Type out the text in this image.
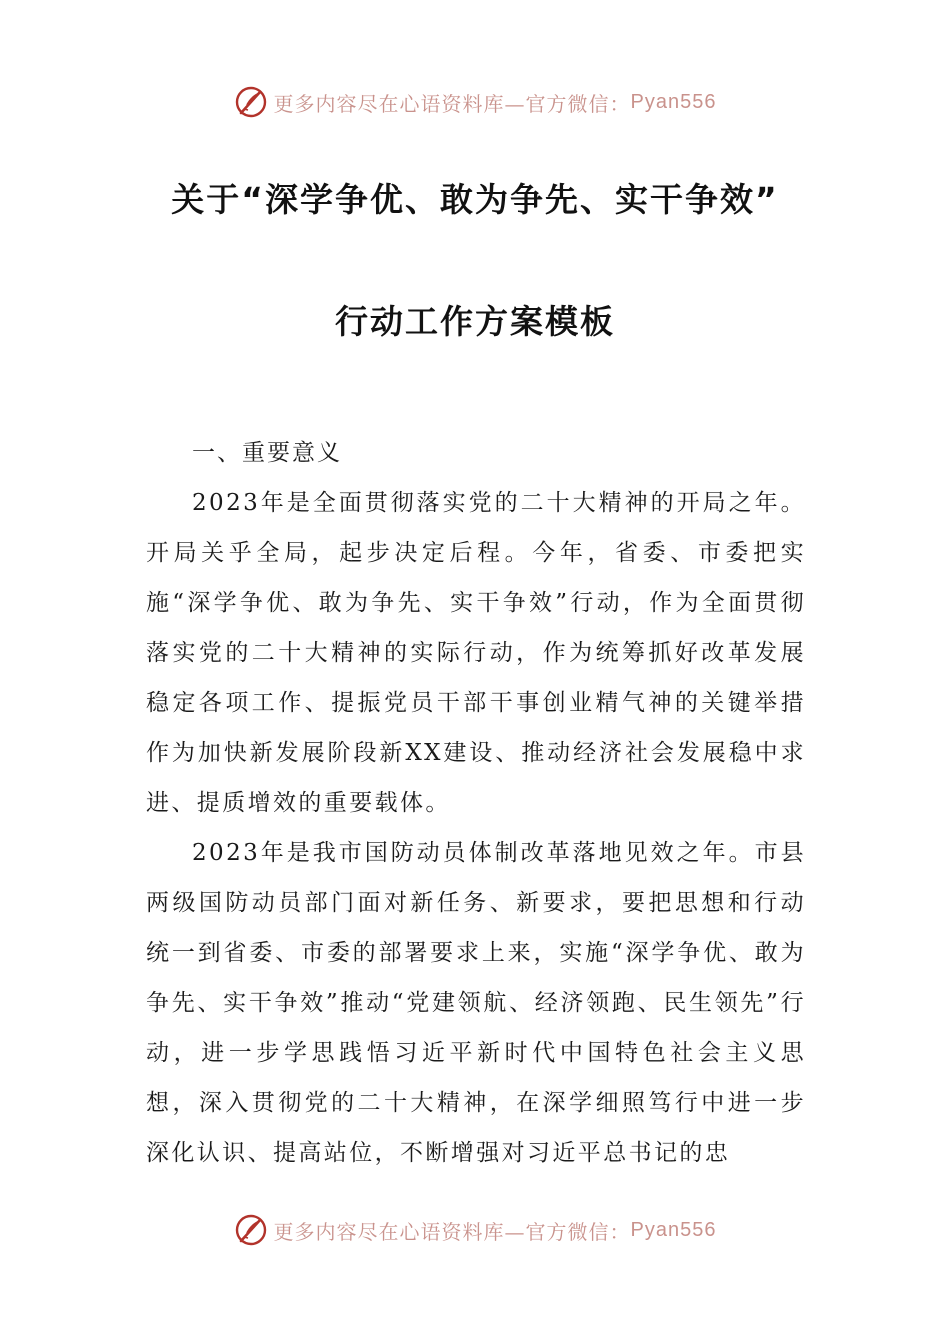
更多内容尽在心语资料库—官方微信： Pyan556
关于“深学争优、敢为争先、实干争效”
行动工作方案模板

一、重要意义

2023年是全面贯彻落实党的二十大精神的开局之年。开局关乎全局，起步决定后程。今年，省委、市委把实施“深学争优、敢为争先、实干争效”行动，作为全面贯彻落实党的二十大精神的实际行动，作为统筹抓好改革发展稳定各项工作、提振党员干部干事创业精气神的关键举措作为加快新发展阶段新XX建设、推动经济社会发展稳中求进、提质增效的重要载体。

2023年是我市国防动员体制改革落地见效之年。市县两级国防动员部门面对新任务、新要求，要把思想和行动统一到省委、市委的部署要求上来，实施“深学争优、敢为争先、实干争效”推动“党建领航、经济领跑、民生领先”行动，进一步学思践悟习近平新时代中国特色社会主义思想，深入贯彻党的二十大精神，在深学细照笃行中进一步深化认识、提高站位，不断增强对习近平总书记的忠

更多内容尽在心语资料库—官方微信： Pyan556
